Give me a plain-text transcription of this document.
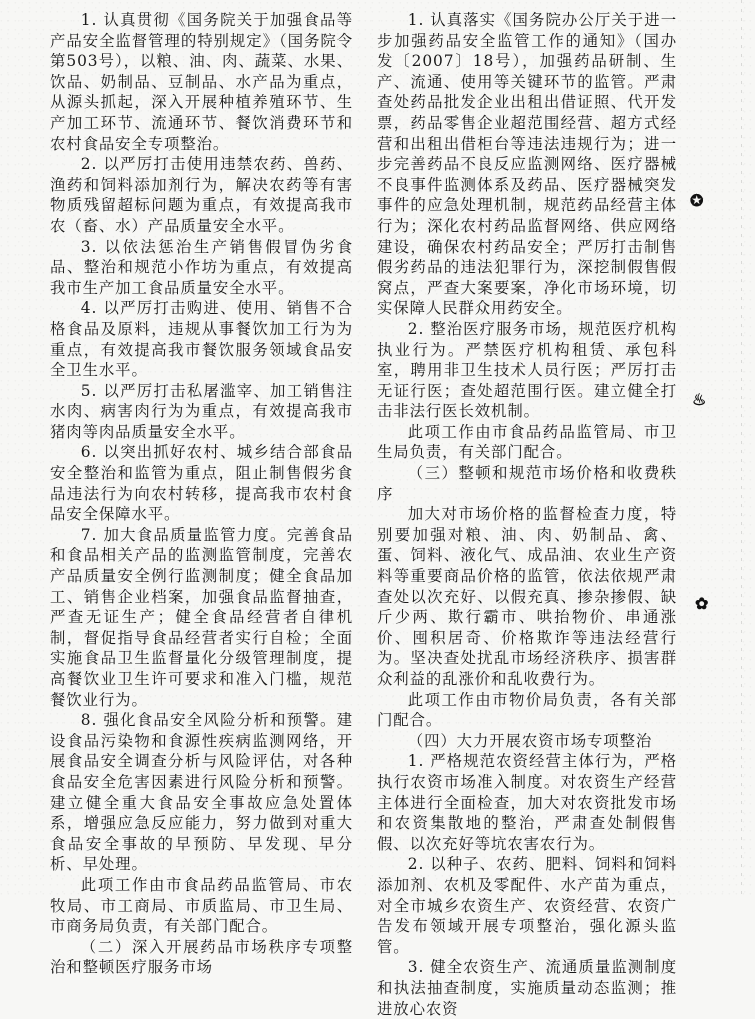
1. 认真贯彻《国务院关于加强食品等产品安全监督管理的特别规定》（国务院令第503号），以粮、油、肉、蔬菜、水果、饮品、奶制品、豆制品、水产品为重点，从源头抓起，深入开展种植养殖环节、生产加工环节、流通环节、餐饮消费环节和农村食品安全专项整治。

2. 以严厉打击使用违禁农药、兽药、渔药和饲料添加剂行为，解决农药等有害物质残留超标问题为重点，有效提高我市农（畜、水）产品质量安全水平。

3. 以依法惩治生产销售假冒伪劣食品、整治和规范小作坊为重点，有效提高我市生产加工食品质量安全水平。

4. 以严厉打击购进、使用、销售不合格食品及原料，违规从事餐饮加工行为为重点，有效提高我市餐饮服务领域食品安全卫生水平。

5. 以严厉打击私屠滥宰、加工销售注水肉、病害肉行为为重点，有效提高我市猪肉等肉品质量安全水平。

6. 以突出抓好农村、城乡结合部食品安全整治和监管为重点，阻止制售假劣食品违法行为向农村转移，提高我市农村食品安全保障水平。

7. 加大食品质量监管力度。完善食品和食品相关产品的监测监管制度，完善农产品质量安全例行监测制度；健全食品加工、销售企业档案，加强食品监督抽查，严查无证生产；健全食品经营者自律机制，督促指导食品经营者实行自检；全面实施食品卫生监督量化分级管理制度，提高餐饮业卫生许可要求和准入门槛，规范餐饮业行为。

8. 强化食品安全风险分析和预警。建设食品污染物和食源性疾病监测网络，开展食品安全调查分析与风险评估，对各种食品安全危害因素进行风险分析和预警。建立健全重大食品安全事故应急处置体系，增强应急反应能力，努力做到对重大食品安全事故的早预防、早发现、早分析、早处理。

此项工作由市食品药品监管局、市农牧局、市工商局、市质监局、市卫生局、市商务局负责，有关部门配合。

（二）深入开展药品市场秩序专项整治和整顿医疗服务市场

1. 认真落实《国务院办公厅关于进一步加强药品安全监管工作的通知》（国办发〔2007〕18号），加强药品研制、生产、流通、使用等关键环节的监管。严肃查处药品批发企业出租出借证照、代开发票，药品零售企业超范围经营、超方式经营和出租出借柜台等违法违规行为；进一步完善药品不良反应监测网络、医疗器械不良事件监测体系及药品、医疗器械突发事件的应急处理机制，规范药品经营主体行为；深化农村药品监督网络、供应网络建设，确保农村药品安全；严厉打击制售假劣药品的违法犯罪行为，深挖制假售假窝点，严查大案要案，净化市场环境，切实保障人民群众用药安全。

2. 整治医疗服务市场，规范医疗机构执业行为。严禁医疗机构租赁、承包科室，聘用非卫生技术人员行医；严厉打击无证行医；查处超范围行医。建立健全打击非法行医长效机制。

此项工作由市食品药品监管局、市卫生局负责，有关部门配合。

（三）整顿和规范市场价格和收费秩序

加大对市场价格的监督检查力度，特别要加强对粮、油、肉、奶制品、禽、蛋、饲料、液化气、成品油、农业生产资料等重要商品价格的监管，依法依规严肃查处以次充好、以假充真、掺杂掺假、缺斤少两、欺行霸市、哄抬物价、串通涨价、囤积居奇、价格欺诈等违法经营行为。坚决查处扰乱市场经济秩序、损害群众利益的乱涨价和乱收费行为。

此项工作由市物价局负责，各有关部门配合。

（四）大力开展农资市场专项整治

1. 严格规范农资经营主体行为，严格执行农资市场准入制度。对农资生产经营主体进行全面检查，加大对农资批发市场和农资集散地的整治，严肃查处制假售假、以次充好等坑农害农行为。

2. 以种子、农药、肥料、饲料和饲料添加剂、农机及零配件、水产苗为重点，对全市城乡农资生产、农资经营、农资广告发布领域开展专项整治，强化源头监管。

3. 健全农资生产、流通质量监测制度和执法抽查制度，实施质量动态监测；推进放心农资

✪
♨
✿
